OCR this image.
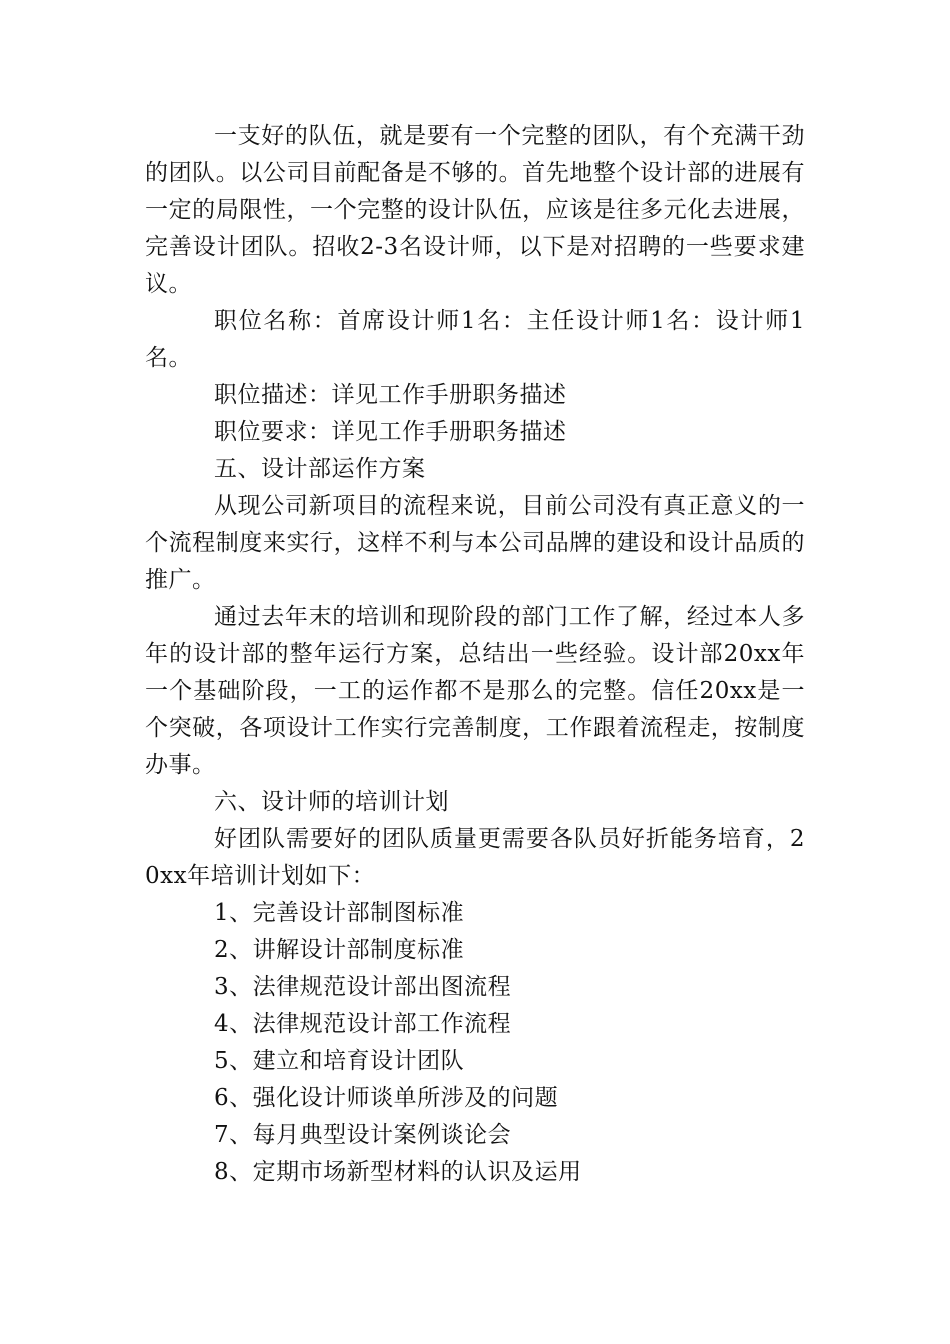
一支好的队伍，就是要有一个完整的团队，有个充满干劲的团队。以公司目前配备是不够的。首先地整个设计部的进展有一定的局限性，一个完整的设计队伍，应该是往多元化去进展，完善设计团队。招收2-3名设计师，以下是对招聘的一些要求建议。

职位名称：首席设计师1名：主任设计师1名：设计师1名。

职位描述：详见工作手册职务描述

职位要求：详见工作手册职务描述

五、设计部运作方案

从现公司新项目的流程来说，目前公司没有真正意义的一个流程制度来实行，这样不利与本公司品牌的建设和设计品质的推广。

通过去年末的培训和现阶段的部门工作了解，经过本人多年的设计部的整年运行方案，总结出一些经验。设计部20xx年一个基础阶段，一工的运作都不是那么的完整。信任20xx是一个突破，各项设计工作实行完善制度，工作跟着流程走，按制度办事。

六、设计师的培训计划

好团队需要好的团队质量更需要各队员好折能务培育，20xx年培训计划如下：

1、完善设计部制图标准

2、讲解设计部制度标准

3、法律规范设计部出图流程

4、法律规范设计部工作流程

5、建立和培育设计团队

6、强化设计师谈单所涉及的问题

7、每月典型设计案例谈论会

8、定期市场新型材料的认识及运用
